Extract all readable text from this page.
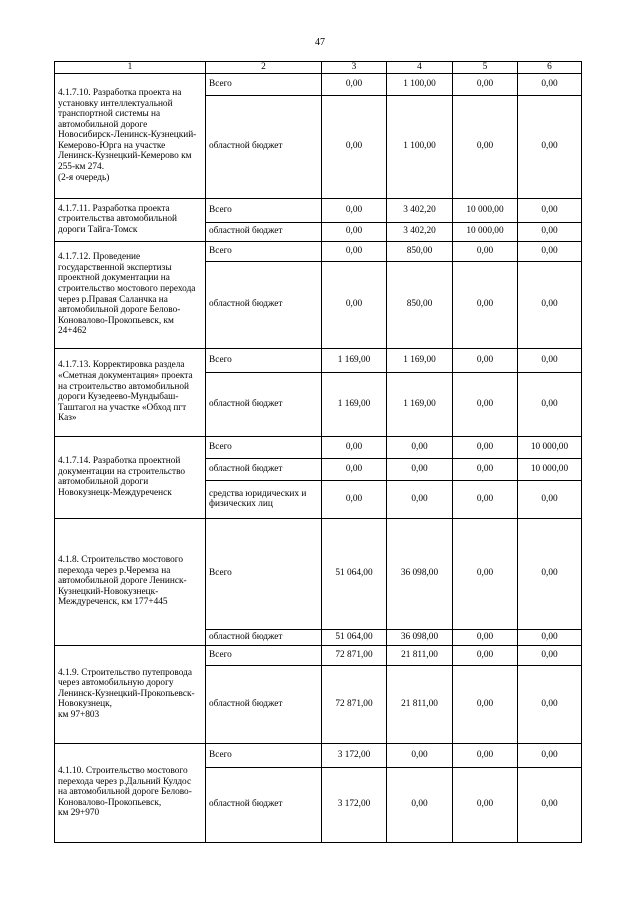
47
1	2	3	4	5	6
4.1.7.10. Разработка проекта на установку интеллектуальной транспортной системы на автомобильной дороге Новосибирск-Ленинск-Кузнецкий-Кемерово-Юрга на участке Ленинск-Кузнецкий-Кемерово км 255-км 274.
(2-я очередь)	Всего	0,00	1 100,00	0,00	0,00
	областной бюджет	0,00	1 100,00	0,00	0,00
4.1.7.11. Разработка проекта строительства автомобильной дороги Тайга-Томск	Всего	0,00	3 402,20	10 000,00	0,00
	областной бюджет	0,00	3 402,20	10 000,00	0,00
4.1.7.12. Проведение государственной экспертизы проектной документации на строительство мостового перехода через р.Правая Саланчка на автомобильной дороге Белово-Коновалово-Прокопьевск, км 24+462	Всего	0,00	850,00	0,00	0,00
	областной бюджет	0,00	850,00	0,00	0,00
4.1.7.13. Корректировка раздела «Сметная документация» проекта на строительство автомобильной дороги Кузедеево-Мундыбаш-Таштагол на участке «Обход пгт Каз»	Всего	1 169,00	1 169,00	0,00	0,00
	областной бюджет	1 169,00	1 169,00	0,00	0,00
4.1.7.14. Разработка проектной документации на строительство автомобильной дороги Новокузнецк-Междуреченск	Всего	0,00	0,00	0,00	10 000,00
	областной бюджет	0,00	0,00	0,00	10 000,00
	средства юридических и физических лиц	0,00	0,00	0,00	0,00
4.1.8. Строительство мостового перехода через р.Черемза на автомобильной дороге Ленинск-Кузнецкий-Новокузнецк-Междуреченск, км 177+445	Всего	51 064,00	36 098,00	0,00	0,00
	областной бюджет	51 064,00	36 098,00	0,00	0,00
4.1.9. Строительство путепровода через автомобильную дорогу Ленинск-Кузнецкий-Прокопьевск-Новокузнецк,
км 97+803	Всего	72 871,00	21 811,00	0,00	0,00
	областной бюджет	72 871,00	21 811,00	0,00	0,00
4.1.10. Строительство мостового перехода через р.Дальний Кулдос на автомобильной дороге Белово-Коновалово-Прокопьевск,
км 29+970	Всего	3 172,00	0,00	0,00	0,00
	областной бюджет	3 172,00	0,00	0,00	0,00
